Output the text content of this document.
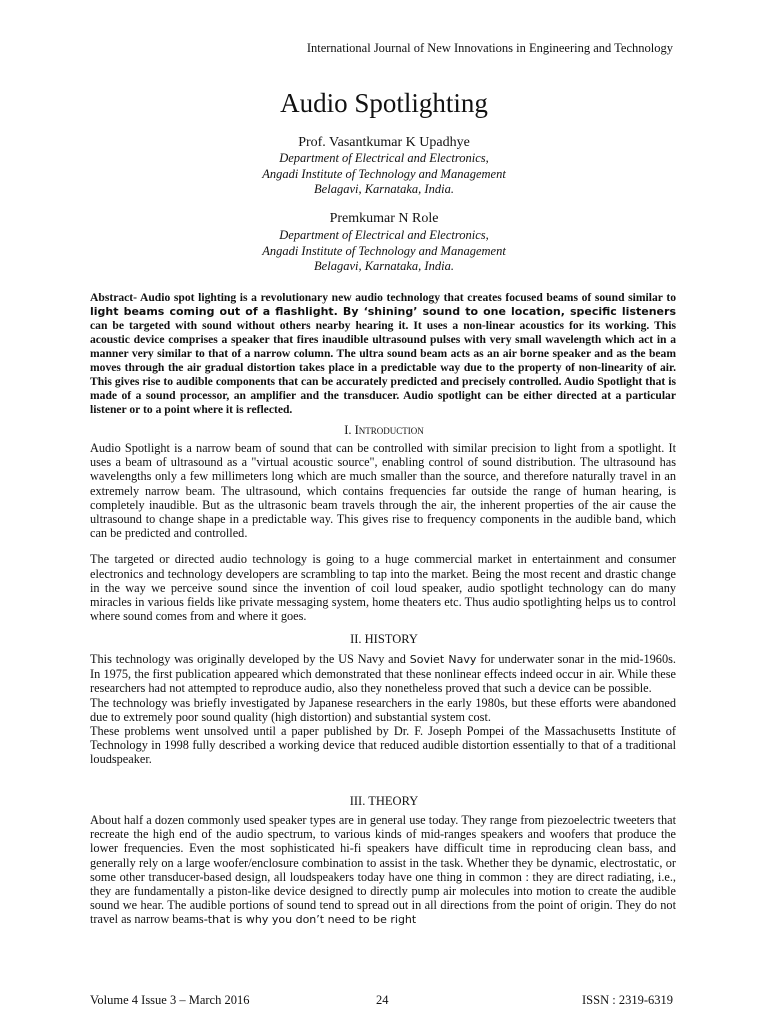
International Journal of New Innovations in Engineering and Technology
Audio Spotlighting
Prof. Vasantkumar K Upadhye
Department of Electrical and Electronics,
Angadi Institute of Technology and Management
Belagavi, Karnataka, India.
Premkumar N Role
Department of Electrical and Electronics,
Angadi Institute of Technology and Management
Belagavi, Karnataka, India.
Abstract- Audio spot lighting is a revolutionary new audio technology that creates focused beams of sound similar to light beams coming out of a flashlight. By ‘shining’ sound to one location, specific listeners can be targeted with sound without others nearby hearing it. It uses a non-linear acoustics for its working. This acoustic device comprises a speaker that fires inaudible ultrasound pulses with very small wavelength which act in a manner very similar to that of a narrow column. The ultra sound beam acts as an air borne speaker and as the beam moves through the air gradual distortion takes place in a predictable way due to the property of non-linearity of air. This gives rise to audible components that can be accurately predicted and precisely controlled. Audio Spotlight that is made of a sound processor, an amplifier and the transducer. Audio spotlight can be either directed at a particular listener or to a point where it is reflected.
I. Introduction

Audio Spotlight is a narrow beam of sound that can be controlled with similar precision to light from a spotlight. It uses a beam of ultrasound as a "virtual acoustic source", enabling control of sound distribution. The ultrasound has wavelengths only a few millimeters long which are much smaller than the source, and therefore naturally travel in an extremely narrow beam. The ultrasound, which contains frequencies far outside the range of human hearing, is completely inaudible. But as the ultrasonic beam travels through the air, the inherent properties of the air cause the ultrasound to change shape in a predictable way. This gives rise to frequency components in the audible band, which can be predicted and controlled.

The targeted or directed audio technology is going to a huge commercial market in entertainment and consumer electronics and technology developers are scrambling to tap into the market. Being the most recent and drastic change in the way we perceive sound since the invention of coil loud speaker, audio spotlight technology can do many miracles in various fields like private messaging system, home theaters etc. Thus audio spotlighting helps us to control where sound comes from and where it goes.

II. HISTORY

This technology was originally developed by the US Navy and Soviet Navy for underwater sonar in the mid-1960s. In 1975, the first publication appeared which demonstrated that these nonlinear effects indeed occur in air. While these researchers had not attempted to reproduce audio, also they nonetheless proved that such a device can be possible.

The technology was briefly investigated by Japanese researchers in the early 1980s, but these efforts were abandoned due to extremely poor sound quality (high distortion) and substantial system cost.

These problems went unsolved until a paper published by Dr. F. Joseph Pompei of the Massachusetts Institute of Technology in 1998 fully described a working device that reduced audible distortion essentially to that of a traditional loudspeaker.

III. THEORY

About half a dozen commonly used speaker types are in general use today. They range from piezoelectric tweeters that recreate the high end of the audio spectrum, to various kinds of mid-ranges speakers and woofers that produce the lower frequencies. Even the most sophisticated hi-fi speakers have difficult time in reproducing clean bass, and generally rely on a large woofer/enclosure combination to assist in the task. Whether they be dynamic, electrostatic, or some other transducer-based design, all loudspeakers today have one thing in common : they are direct radiating, i.e., they are fundamentally a piston-like device designed to directly pump air molecules into motion to create the audible sound we hear. The audible portions of sound tend to spread out in all directions from the point of origin. They do not travel as narrow beams-that is why you don’t need to be right

Volume 4 Issue 3 – March 2016	24	ISSN : 2319-6319
